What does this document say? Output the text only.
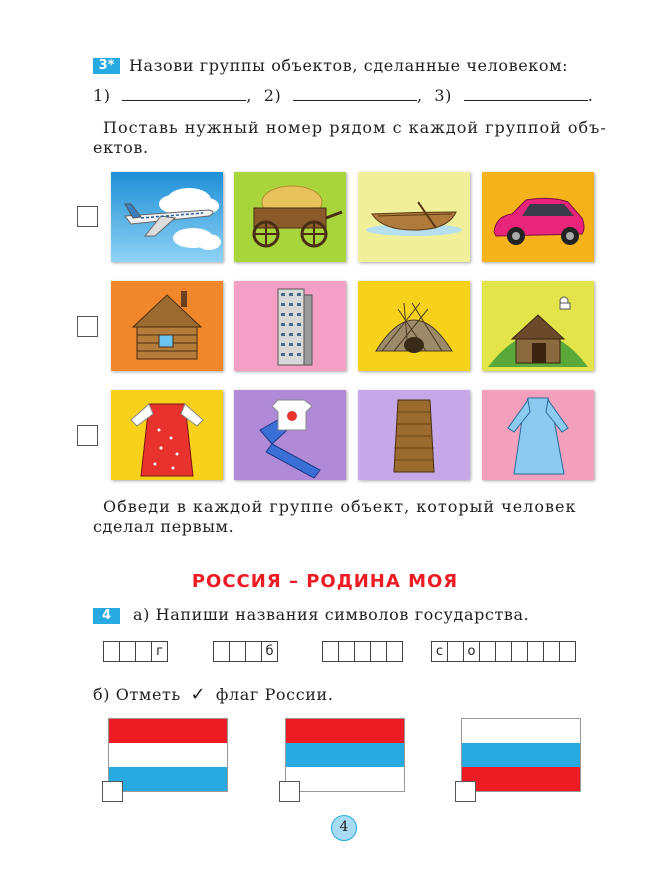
3* Назови группы объектов, сделанные человеком:
1)	, 2)	, 3)	.
Поставь нужный номер рядом с каждой группой объ-
ектов.
Обведи в каждой группе объект, который человек
сделал первым.
РОССИЯ – РОДИНА МОЯ
4	а) Напиши названия символов государства.
г	б	с	о
б) Отметь ✓ флаг России.
4
